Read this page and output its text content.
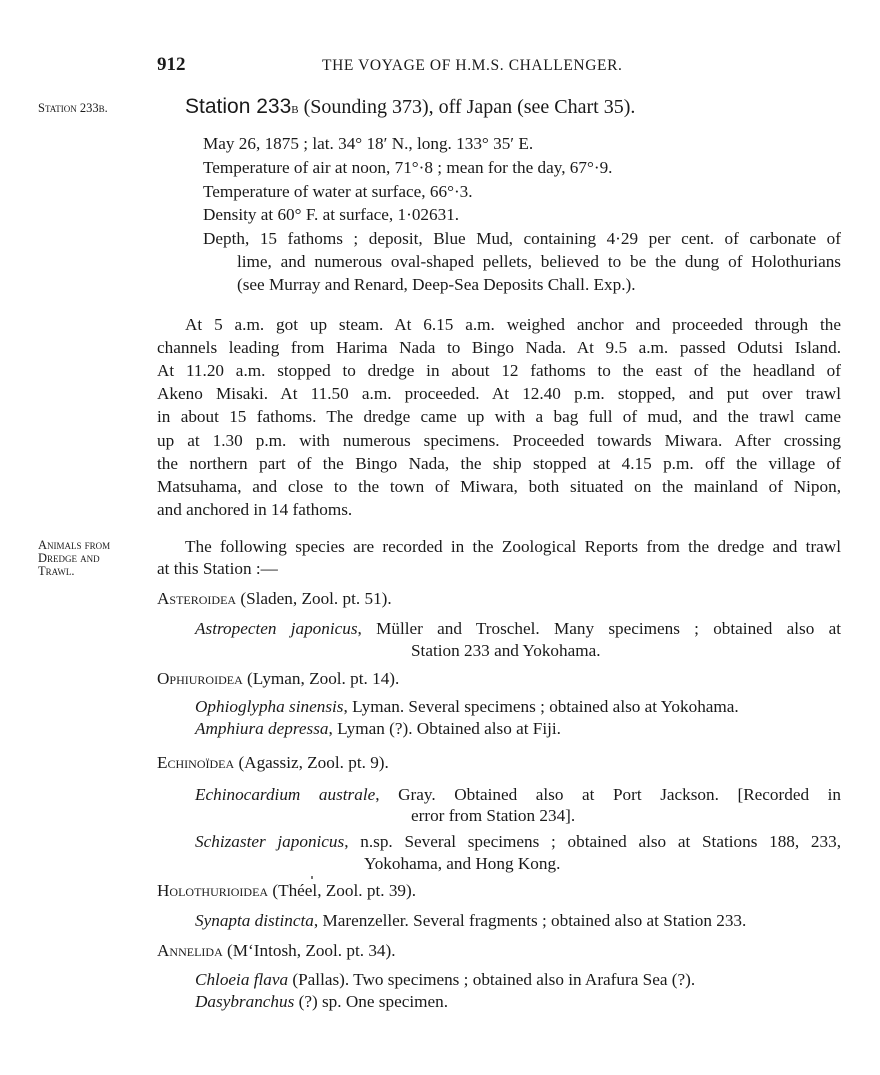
912	THE VOYAGE OF H.M.S. CHALLENGER.
Station 233b.
Animals from
Dredge and
Trawl.
Station 233b (Sounding 373), off Japan (see Chart 35).
May 26, 1875 ; lat. 34° 18′ N., long. 133° 35′ E.
Temperature of air at noon, 71°·8 ; mean for the day, 67°·9.
Temperature of water at surface, 66°·3.
Density at 60° F. at surface, 1·02631.
Depth, 15 fathoms ; deposit, Blue Mud, containing 4·29 per cent. of carbonate of
lime, and numerous oval-shaped pellets, believed to be the dung of Holothurians
(see Murray and Renard, Deep-Sea Deposits Chall. Exp.).
At 5 a.m. got up steam. At 6.15 a.m. weighed anchor and proceeded through the
channels leading from Harima Nada to Bingo Nada. At 9.5 a.m. passed Odutsi Island.
At 11.20 a.m. stopped to dredge in about 12 fathoms to the east of the headland of
Akeno Misaki. At 11.50 a.m. proceeded. At 12.40 p.m. stopped, and put over trawl
in about 15 fathoms. The dredge came up with a bag full of mud, and the trawl came
up at 1.30 p.m. with numerous specimens. Proceeded towards Miwara. After crossing
the northern part of the Bingo Nada, the ship stopped at 4.15 p.m. off the village of
Matsuhama, and close to the town of Miwara, both situated on the mainland of Nipon,
and anchored in 14 fathoms.
The following species are recorded in the Zoological Reports from the dredge and trawl
at this Station :—
Asteroidea (Sladen, Zool. pt. 51).
Astropecten japonicus, Müller and Troschel. Many specimens ; obtained also at
Station 233 and Yokohama.
Ophiuroidea (Lyman, Zool. pt. 14).
Ophioglypha sinensis, Lyman. Several specimens ; obtained also at Yokohama.
Amphiura depressa, Lyman (?). Obtained also at Fiji.
Echinoïdea (Agassiz, Zool. pt. 9).
Echinocardium australe, Gray. Obtained also at Port Jackson. [Recorded in
error from Station 234].
Schizaster japonicus, n.sp. Several specimens ; obtained also at Stations 188, 233,
Yokohama, and Hong Kong.
Holothurioidea (Théel, Zool. pt. 39).
Synapta distincta, Marenzeller. Several fragments ; obtained also at Station 233.
Annelida (M‘Intosh, Zool. pt. 34).
Chloeia flava (Pallas). Two specimens ; obtained also in Arafura Sea (?).
Dasybranchus (?) sp. One specimen.
